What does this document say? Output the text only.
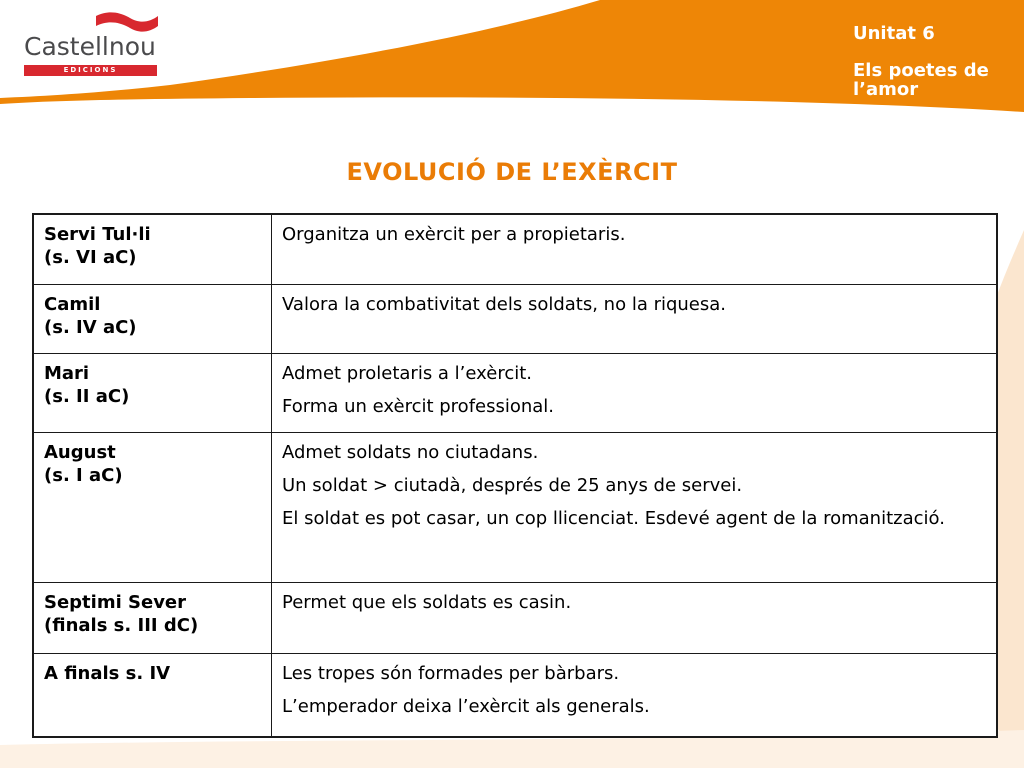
Castellnou
EDICIONS
Unitat 6
Els poetes de l’amor
EVOLUCIÓ DE L’EXÈRCIT
Servi Tul·li
(s. VI aC)	Organitza un exèrcit per a propietaris.

Camil
(s. IV aC)	Valora la combativitat dels soldats, no la riquesa.

Mari
(s. II aC)	Admet proletaris a l’exèrcit.
Forma un exèrcit professional.

August
(s. I aC)	Admet soldats no ciutadans.
Un soldat > ciutadà, després de 25 anys de servei.
El soldat es pot casar, un cop llicenciat. Esdevé agent de la romanització.

Septimi Sever
(finals s. III dC)	Permet que els soldats es casin.

A finals s. IV	Les tropes són formades per bàrbars.
L’emperador deixa l’exèrcit als generals.
